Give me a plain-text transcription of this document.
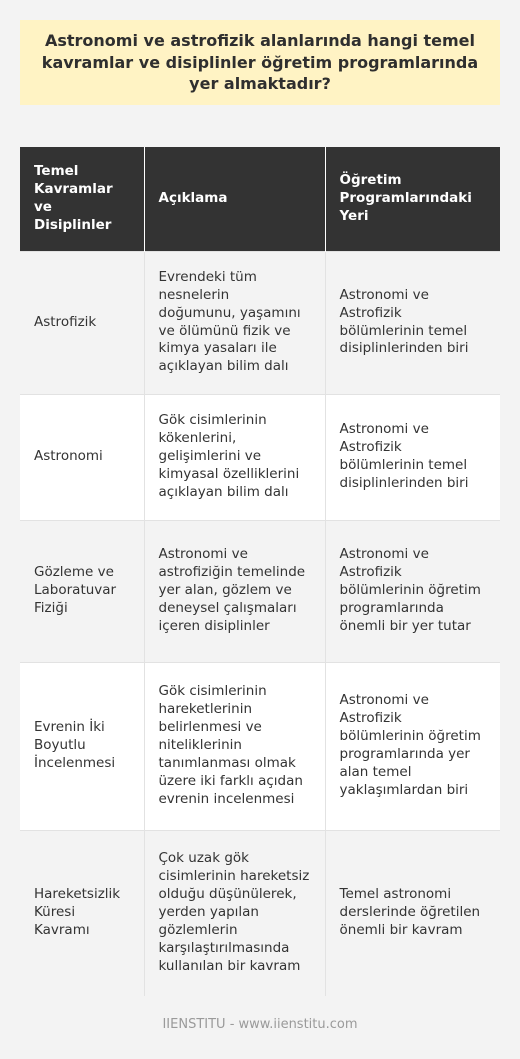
Astronomi ve astrofizik alanlarında hangi temel kavramlar ve disiplinler öğretim programlarında yer almaktadır?
Temel Kavramlar ve Disiplinler	Açıklama	Öğretim Programlarındaki Yeri
Astrofizik	Evrendeki tüm nesnelerin doğumunu, yaşamını ve ölümünü fizik ve kimya yasaları ile açıklayan bilim dalı	Astronomi ve Astrofizik bölümlerinin temel disiplinlerinden biri
Astronomi	Gök cisimlerinin kökenlerini, gelişimlerini ve kimyasal özelliklerini açıklayan bilim dalı	Astronomi ve Astrofizik bölümlerinin temel disiplinlerinden biri
Gözleme ve Laboratuvar Fiziği	Astronomi ve astrofiziğin temelinde yer alan, gözlem ve deneysel çalışmaları içeren disiplinler	Astronomi ve Astrofizik bölümlerinin öğretim programlarında önemli bir yer tutar
Evrenin İki Boyutlu İncelenmesi	Gök cisimlerinin hareketlerinin belirlenmesi ve niteliklerinin tanımlanması olmak üzere iki farklı açıdan evrenin incelenmesi	Astronomi ve Astrofizik bölümlerinin öğretim programlarında yer alan temel yaklaşımlardan biri
Hareketsizlik Küresi Kavramı	Çok uzak gök cisimlerinin hareketsiz olduğu düşünülerek, yerden yapılan gözlemlerin karşılaştırılmasında kullanılan bir kavram	Temel astronomi derslerinde öğretilen önemli bir kavram
IIENSTITU - www.iienstitu.com
